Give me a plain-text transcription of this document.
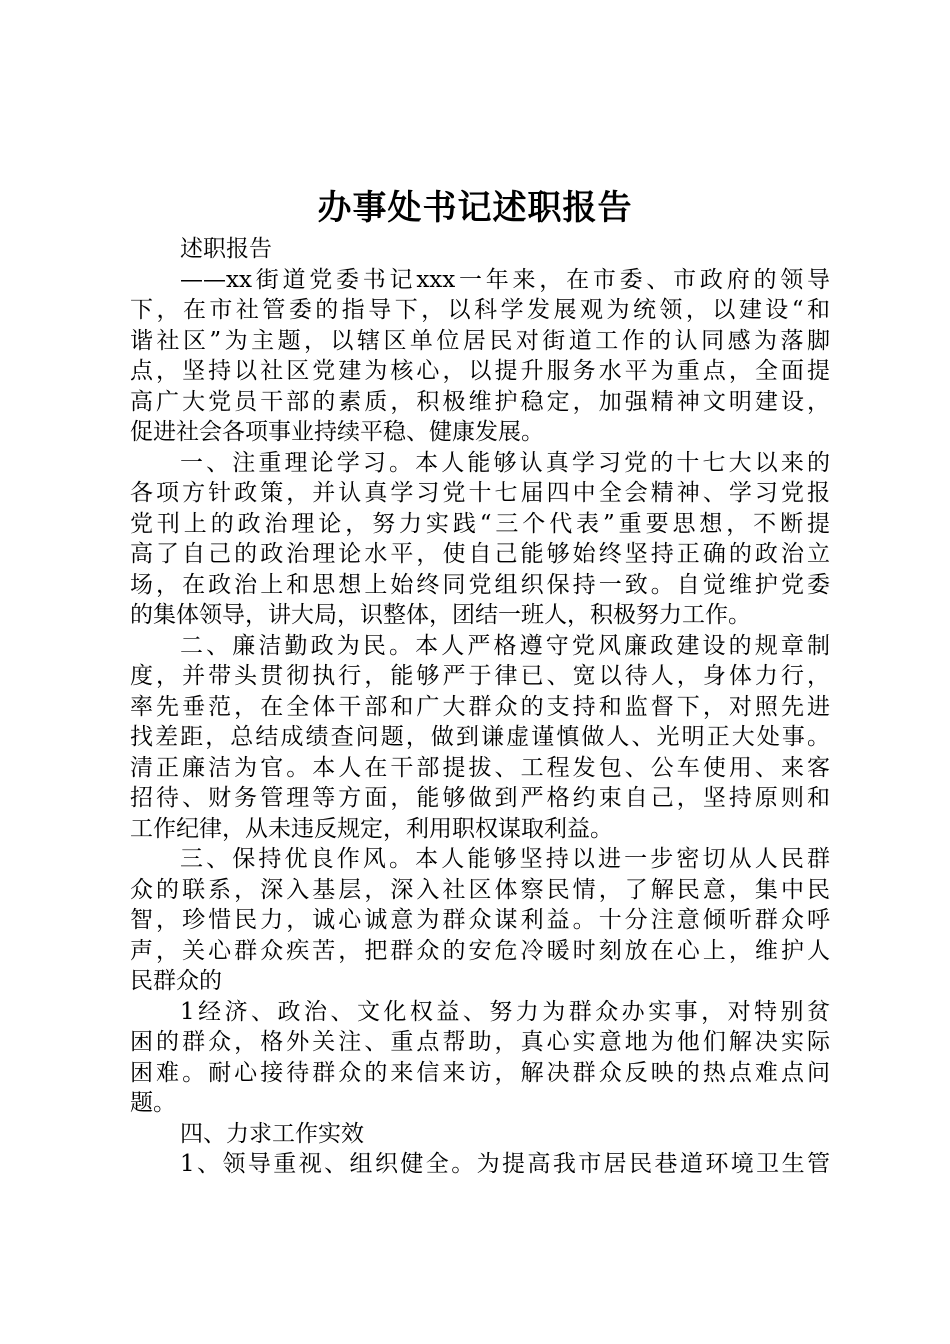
办事处书记述职报告
述职报告
——xx街道党委书记xxx一年来，在市委、市政府的领导
下，在市社管委的指导下，以科学发展观为统领，以建设“和
谐社区”为主题，以辖区单位居民对街道工作的认同感为落脚
点，坚持以社区党建为核心，以提升服务水平为重点，全面提
高广大党员干部的素质，积极维护稳定，加强精神文明建设，
促进社会各项事业持续平稳、健康发展。
一、注重理论学习。本人能够认真学习党的十七大以来的
各项方针政策，并认真学习党十七届四中全会精神、学习党报
党刊上的政治理论，努力实践“三个代表”重要思想，不断提
高了自己的政治理论水平，使自己能够始终坚持正确的政治立
场，在政治上和思想上始终同党组织保持一致。自觉维护党委
的集体领导，讲大局，识整体，团结一班人，积极努力工作。
二、廉洁勤政为民。本人严格遵守党风廉政建设的规章制
度，并带头贯彻执行，能够严于律已、宽以待人，身体力行，
率先垂范，在全体干部和广大群众的支持和监督下，对照先进
找差距，总结成绩查问题，做到谦虚谨慎做人、光明正大处事。
清正廉洁为官。本人在干部提拔、工程发包、公车使用、来客
招待、财务管理等方面，能够做到严格约束自己，坚持原则和
工作纪律，从未违反规定，利用职权谋取利益。
三、保持优良作风。本人能够坚持以进一步密切从人民群
众的联系，深入基层，深入社区体察民情，了解民意，集中民
智，珍惜民力，诚心诚意为群众谋利益。十分注意倾听群众呼
声，关心群众疾苦，把群众的安危冷暖时刻放在心上，维护人
民群众的
1经济、政治、文化权益、努力为群众办实事，对特别贫
困的群众，格外关注、重点帮助，真心实意地为他们解决实际
困难。耐心接待群众的来信来访，解决群众反映的热点难点问
题。
四、力求工作实效
1、领导重视、组织健全。为提高我市居民巷道环境卫生管
